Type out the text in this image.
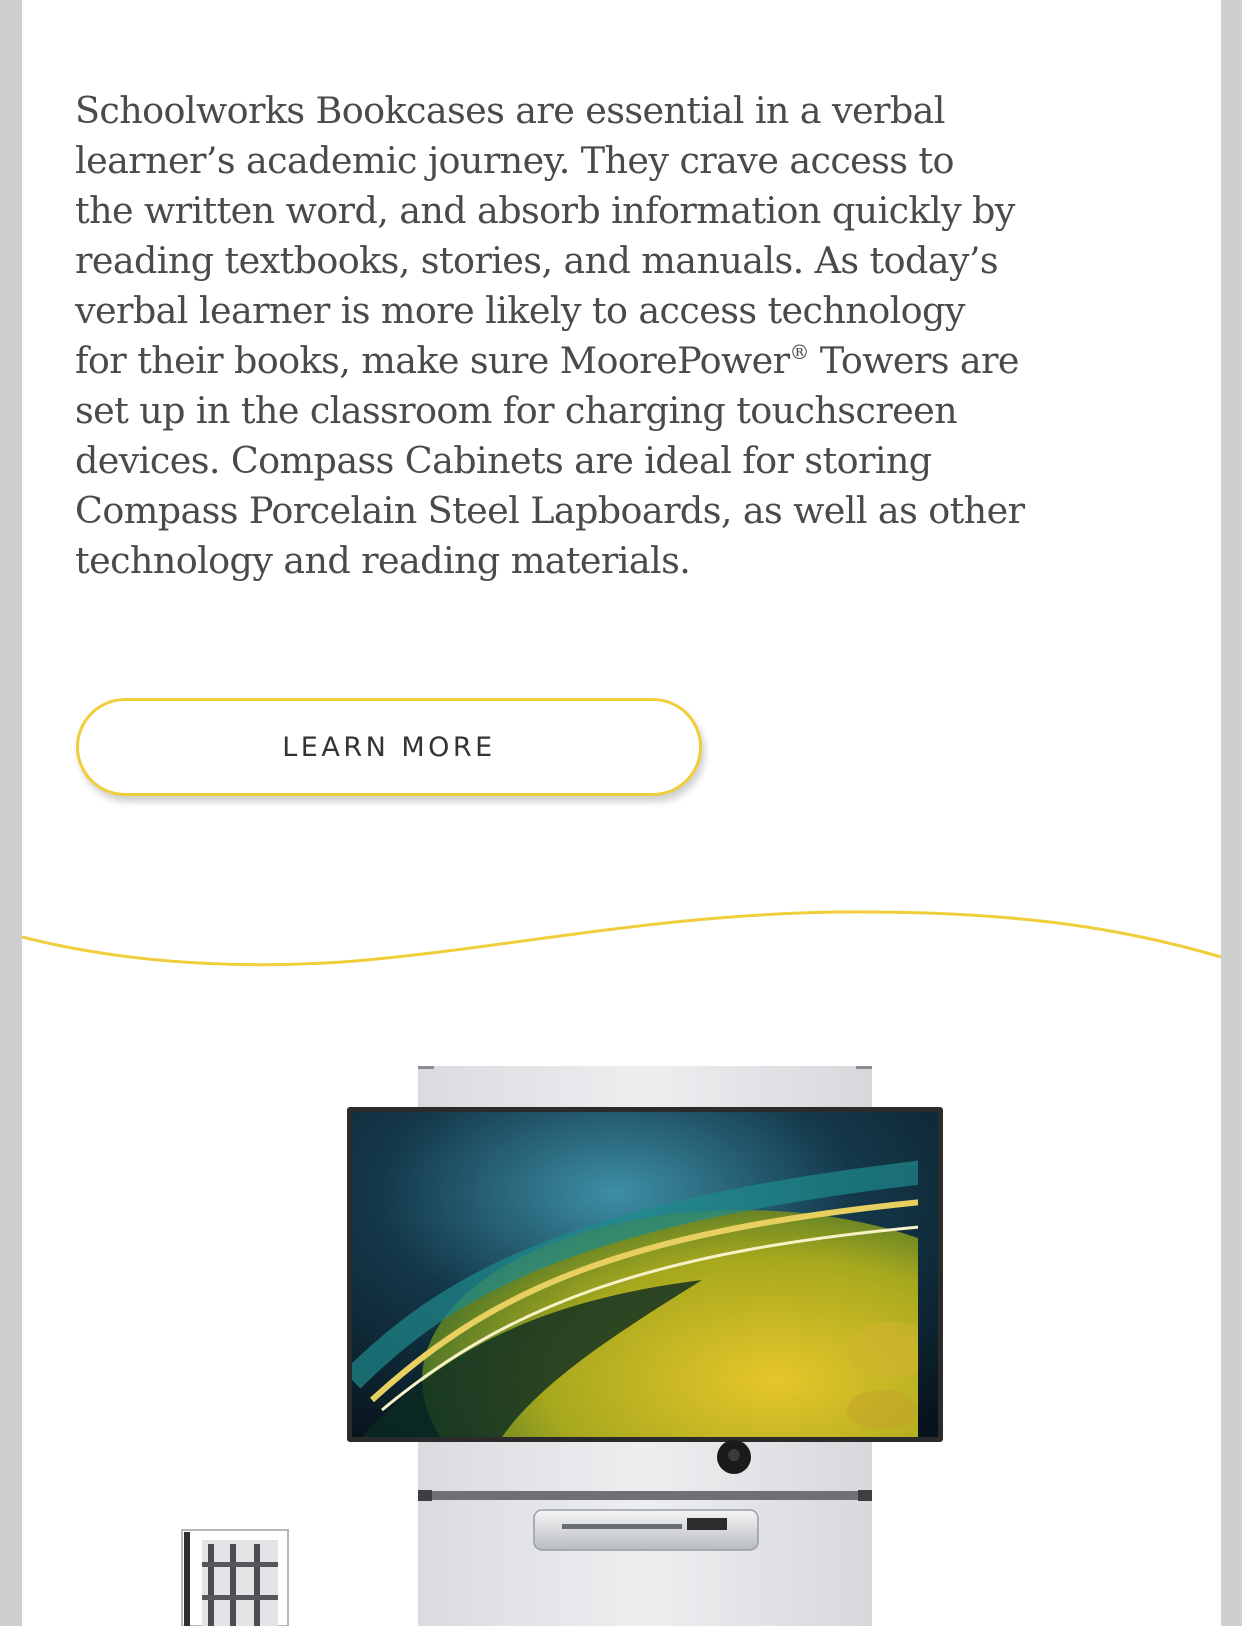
Schoolworks Bookcases are essential in a verbal
learner’s academic journey. They crave access to
the written word, and absorb information quickly by
reading textbooks, stories, and manuals. As today’s
verbal learner is more likely to access technology
for their books, make sure MoorePower® Towers are
set up in the classroom for charging touchscreen
devices. Compass Cabinets are ideal for storing
Compass Porcelain Steel Lapboards, as well as other
technology and reading materials.

LEARN MORE
